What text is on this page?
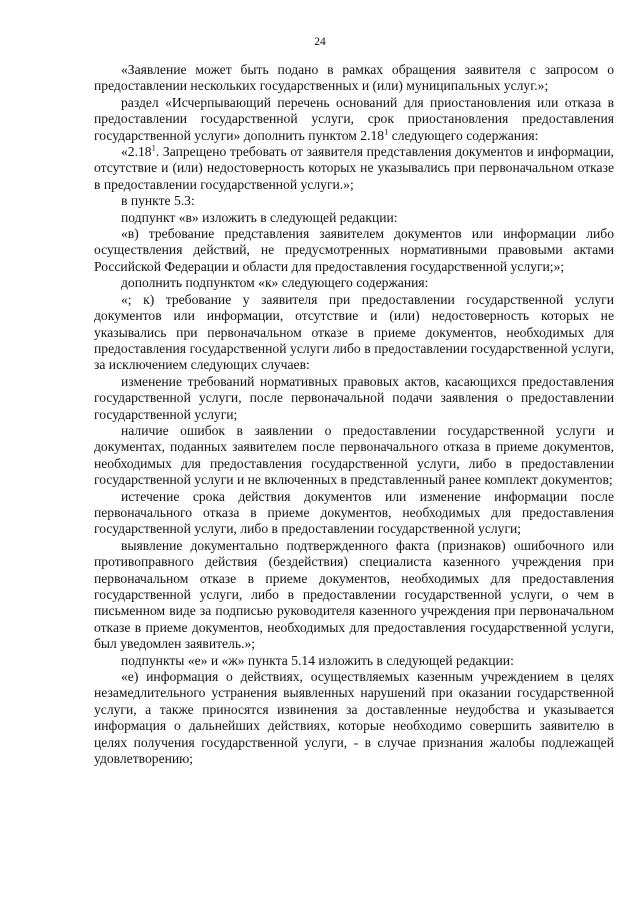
24

«Заявление может быть подано в рамках обращения заявителя с запросом о предоставлении нескольких государственных и (или) муниципальных услуг.»;

раздел «Исчерпывающий перечень оснований для приостановления или отказа в предоставлении государственной услуги, срок приостановления предоставления государственной услуги» дополнить пунктом 2.18$^1$ следующего содержания:

«2.18$^1$. Запрещено требовать от заявителя представления документов и информации, отсутствие и (или) недостоверность которых не указывались при первоначальном отказе в предоставлении государственной услуги.»;

в пункте 5.3:

подпункт «в» изложить в следующей редакции:

«в) требование представления заявителем документов или информации либо осуществления действий, не предусмотренных нормативными правовыми актами Российской Федерации и области для предоставления государственной услуги;»;

дополнить подпунктом «к» следующего содержания:

«; к) требование у заявителя при предоставлении государственной услуги документов или информации, отсутствие и (или) недостоверность которых не указывались при первоначальном отказе в приеме документов, необходимых для предоставления государственной услуги либо в предоставлении государственной услуги, за исключением следующих случаев:

изменение требований нормативных правовых актов, касающихся предоставления государственной услуги, после первоначальной подачи заявления о предоставлении государственной услуги;

наличие ошибок в заявлении о предоставлении государственной услуги и документах, поданных заявителем после первоначального отказа в приеме документов, необходимых для предоставления государственной услуги, либо в предоставлении государственной услуги и не включенных в представленный ранее комплект документов;

истечение срока действия документов или изменение информации после первоначального отказа в приеме документов, необходимых для предоставления государственной услуги, либо в предоставлении государственной услуги;

выявление документально подтвержденного факта (признаков) ошибочного или противоправного действия (бездействия) специалиста казенного учреждения при первоначальном отказе в приеме документов, необходимых для предоставления государственной услуги, либо в предоставлении государственной услуги, о чем в письменном виде за подписью руководителя казенного учреждения при первоначальном отказе в приеме документов, необходимых для предоставления государственной услуги, был уведомлен заявитель.»;

подпункты «е» и «ж» пункта 5.14 изложить в следующей редакции:

«е) информация о действиях, осуществляемых казенным учреждением в целях незамедлительного устранения выявленных нарушений при оказании государственной услуги, а также приносятся извинения за доставленные неудобства и указывается информация о дальнейших действиях, которые необходимо совершить заявителю в целях получения государственной услуги, - в случае признания жалобы подлежащей удовлетворению;
